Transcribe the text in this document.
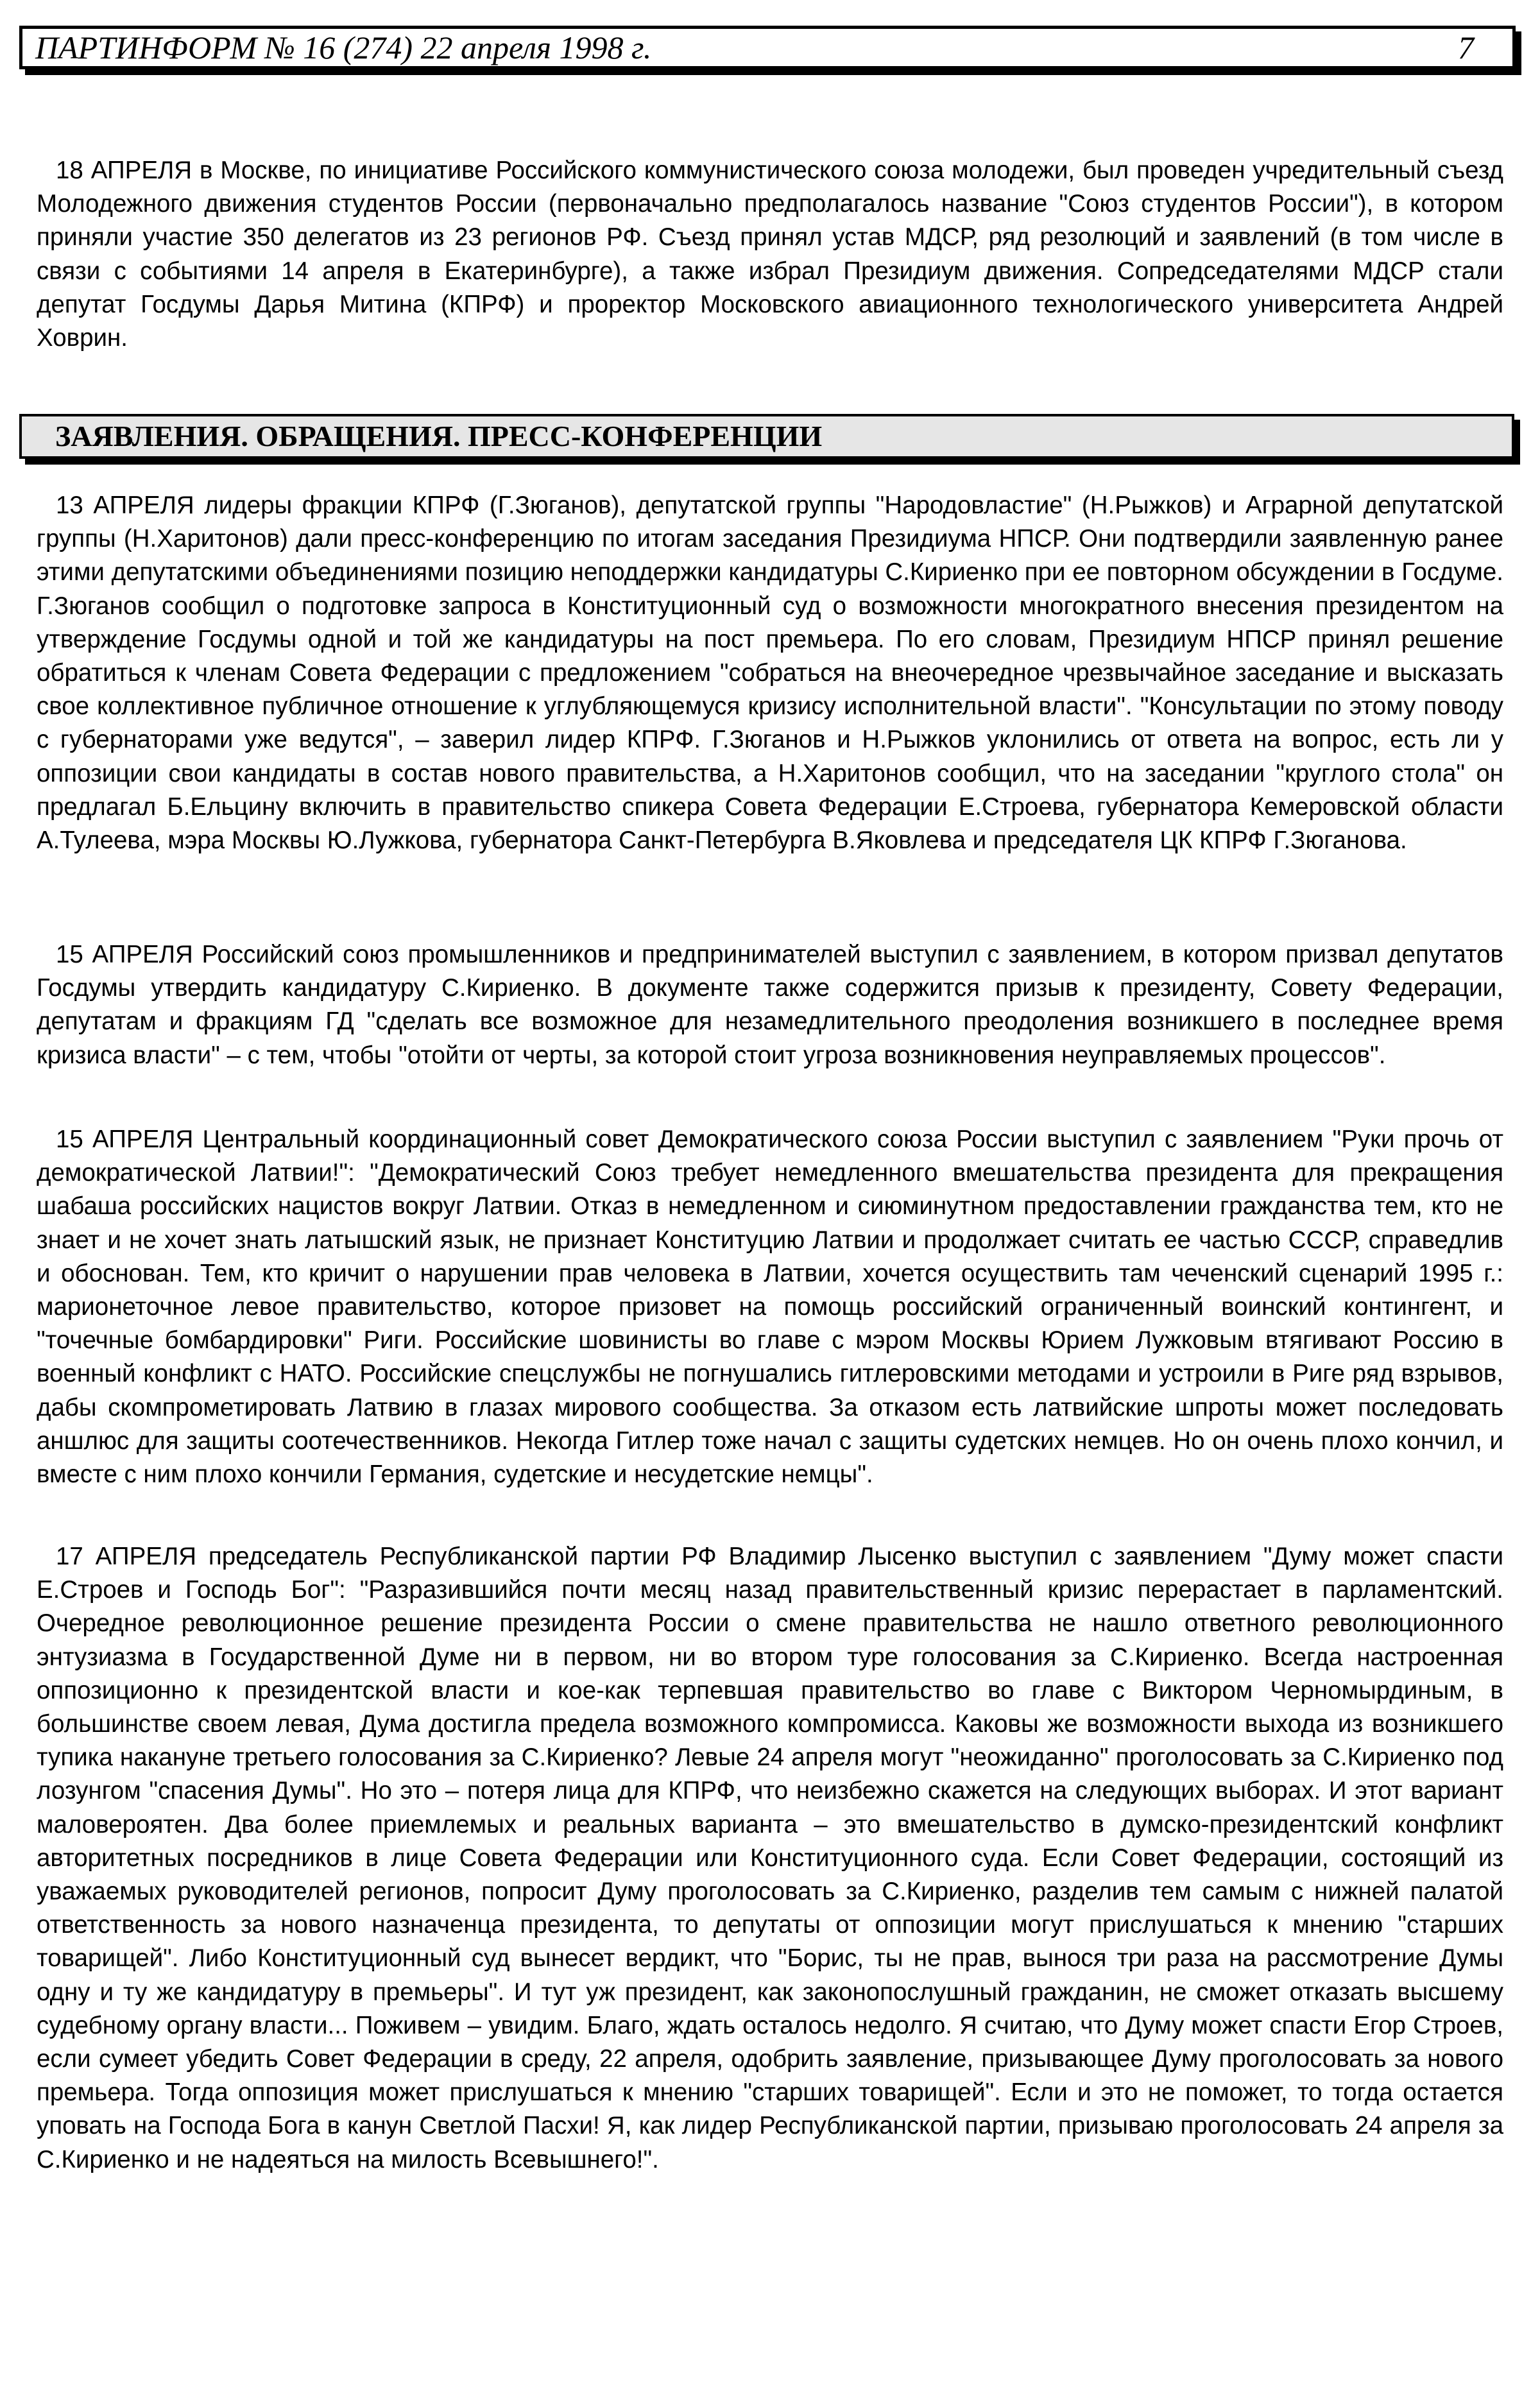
ПАРТИНФОРМ № 16 (274) 22 апреля 1998 г.	7

18 АПРЕЛЯ в Москве, по инициативе Российского коммунистического союза молодежи, был проведен учредительный съезд Молодежного движения студентов России (первоначально предполагалось название "Союз студентов России"), в котором приняли участие 350 делегатов из 23 регионов РФ. Съезд принял устав МДСР, ряд резолюций и заявлений (в том числе в связи с событиями 14 апреля в Екатеринбурге), а также избрал Президиум движения. Сопредседателями МДСР стали депутат Госдумы Дарья Митина (КПРФ) и проректор Московского авиационного технологического университета Андрей Ховрин.

ЗАЯВЛЕНИЯ. ОБРАЩЕНИЯ. ПРЕСС-КОНФЕРЕНЦИИ

13 АПРЕЛЯ лидеры фракции КПРФ (Г.Зюганов), депутатской группы "Народовластие" (Н.Рыжков) и Аграрной депутатской группы (Н.Харитонов) дали пресс-конференцию по итогам заседания Президиума НПСР. Они подтвердили заявленную ранее этими депутатскими объединениями позицию неподдержки кандидатуры С.Кириенко при ее повторном обсуждении в Госдуме. Г.Зюганов сообщил о подготовке запроса в Конституционный суд о возможности многократного внесения президентом на утверждение Госдумы одной и той же кандидатуры на пост премьера. По его словам, Президиум НПСР принял решение обратиться к членам Совета Федерации с предложением "собраться на внеочередное чрезвычайное заседание и высказать свое коллективное публичное отношение к углубляющемуся кризису исполнительной власти". "Консультации по этому поводу с губернаторами уже ведутся", – заверил лидер КПРФ. Г.Зюганов и Н.Рыжков уклонились от ответа на вопрос, есть ли у оппозиции свои кандидаты в состав нового правительства, а Н.Харитонов сообщил, что на заседании "круглого стола" он предлагал Б.Ельцину включить в правительство спикера Совета Федерации Е.Строева, губернатора Кемеровской области А.Тулеева, мэра Москвы Ю.Лужкова, губернатора Санкт-Петербурга В.Яковлева и председателя ЦК КПРФ Г.Зюганова.

15 АПРЕЛЯ Российский союз промышленников и предпринимателей выступил с заявлением, в котором призвал депутатов Госдумы утвердить кандидатуру С.Кириенко. В документе также содержится призыв к президенту, Совету Федерации, депутатам и фракциям ГД "сделать все возможное для незамедлительного преодоления возникшего в последнее время кризиса власти" – с тем, чтобы "отойти от черты, за которой стоит угроза возникновения неуправляемых процессов".

15 АПРЕЛЯ Центральный координационный совет Демократического союза России выступил с заявлением "Руки прочь от демократической Латвии!": "Демократический Союз требует немедленного вмешательства президента для прекращения шабаша российских нацистов вокруг Латвии. Отказ в немедленном и сиюминутном предоставлении гражданства тем, кто не знает и не хочет знать латышский язык, не признает Конституцию Латвии и продолжает считать ее частью СССР, справедлив и обоснован. Тем, кто кричит о нарушении прав человека в Латвии, хочется осуществить там чеченский сценарий 1995 г.: марионеточное левое правительство, которое призовет на помощь российский ограниченный воинский контингент, и "точечные бомбардировки" Риги. Российские шовинисты во главе с мэром Москвы Юрием Лужковым втягивают Россию в военный конфликт с НАТО. Российские спецслужбы не погнушались гитлеровскими методами и устроили в Риге ряд взрывов, дабы скомпрометировать Латвию в глазах мирового сообщества. За отказом есть латвийские шпроты может последовать аншлюс для защиты соотечественников. Некогда Гитлер тоже начал с защиты судетских немцев. Но он очень плохо кончил, и вместе с ним плохо кончили Германия, судетские и несудетские немцы".

17 АПРЕЛЯ председатель Республиканской партии РФ Владимир Лысенко выступил с заявлением "Думу может спасти Е.Строев и Господь Бог": "Разразившийся почти месяц назад правительственный кризис перерастает в парламентский. Очередное революционное решение президента России о смене правительства не нашло ответного революционного энтузиазма в Государственной Думе ни в первом, ни во втором туре голосования за С.Кириенко. Всегда настроенная оппозиционно к президентской власти и кое-как терпевшая правительство во главе с Виктором Черномырдиным, в большинстве своем левая, Дума достигла предела возможного компромисса. Каковы же возможности выхода из возникшего тупика накануне третьего голосования за С.Кириенко? Левые 24 апреля могут "неожиданно" проголосовать за С.Кириенко под лозунгом "спасения Думы". Но это – потеря лица для КПРФ, что неизбежно скажется на следующих выборах. И этот вариант маловероятен. Два более приемлемых и реальных варианта – это вмешательство в думско-президентский конфликт авторитетных посредников в лице Совета Федерации или Конституционного суда. Если Совет Федерации, состоящий из уважаемых руководителей регионов, попросит Думу проголосовать за С.Кириенко, разделив тем самым с нижней палатой ответственность за нового назначенца президента, то депутаты от оппозиции могут прислушаться к мнению "старших товарищей". Либо Конституционный суд вынесет вердикт, что "Борис, ты не прав, вынося три раза на рассмотрение Думы одну и ту же кандидатуру в премьеры". И тут уж президент, как законопослушный гражданин, не сможет отказать высшему судебному органу власти... Поживем – увидим. Благо, ждать осталось недолго. Я считаю, что Думу может спасти Егор Строев, если сумеет убедить Совет Федерации в среду, 22 апреля, одобрить заявление, призывающее Думу проголосовать за нового премьера. Тогда оппозиция может прислушаться к мнению "старших товарищей". Если и это не поможет, то тогда остается уповать на Господа Бога в канун Светлой Пасхи! Я, как лидер Республиканской партии, призываю проголосовать 24 апреля за С.Кириенко и не надеяться на милость Всевышнего!".
